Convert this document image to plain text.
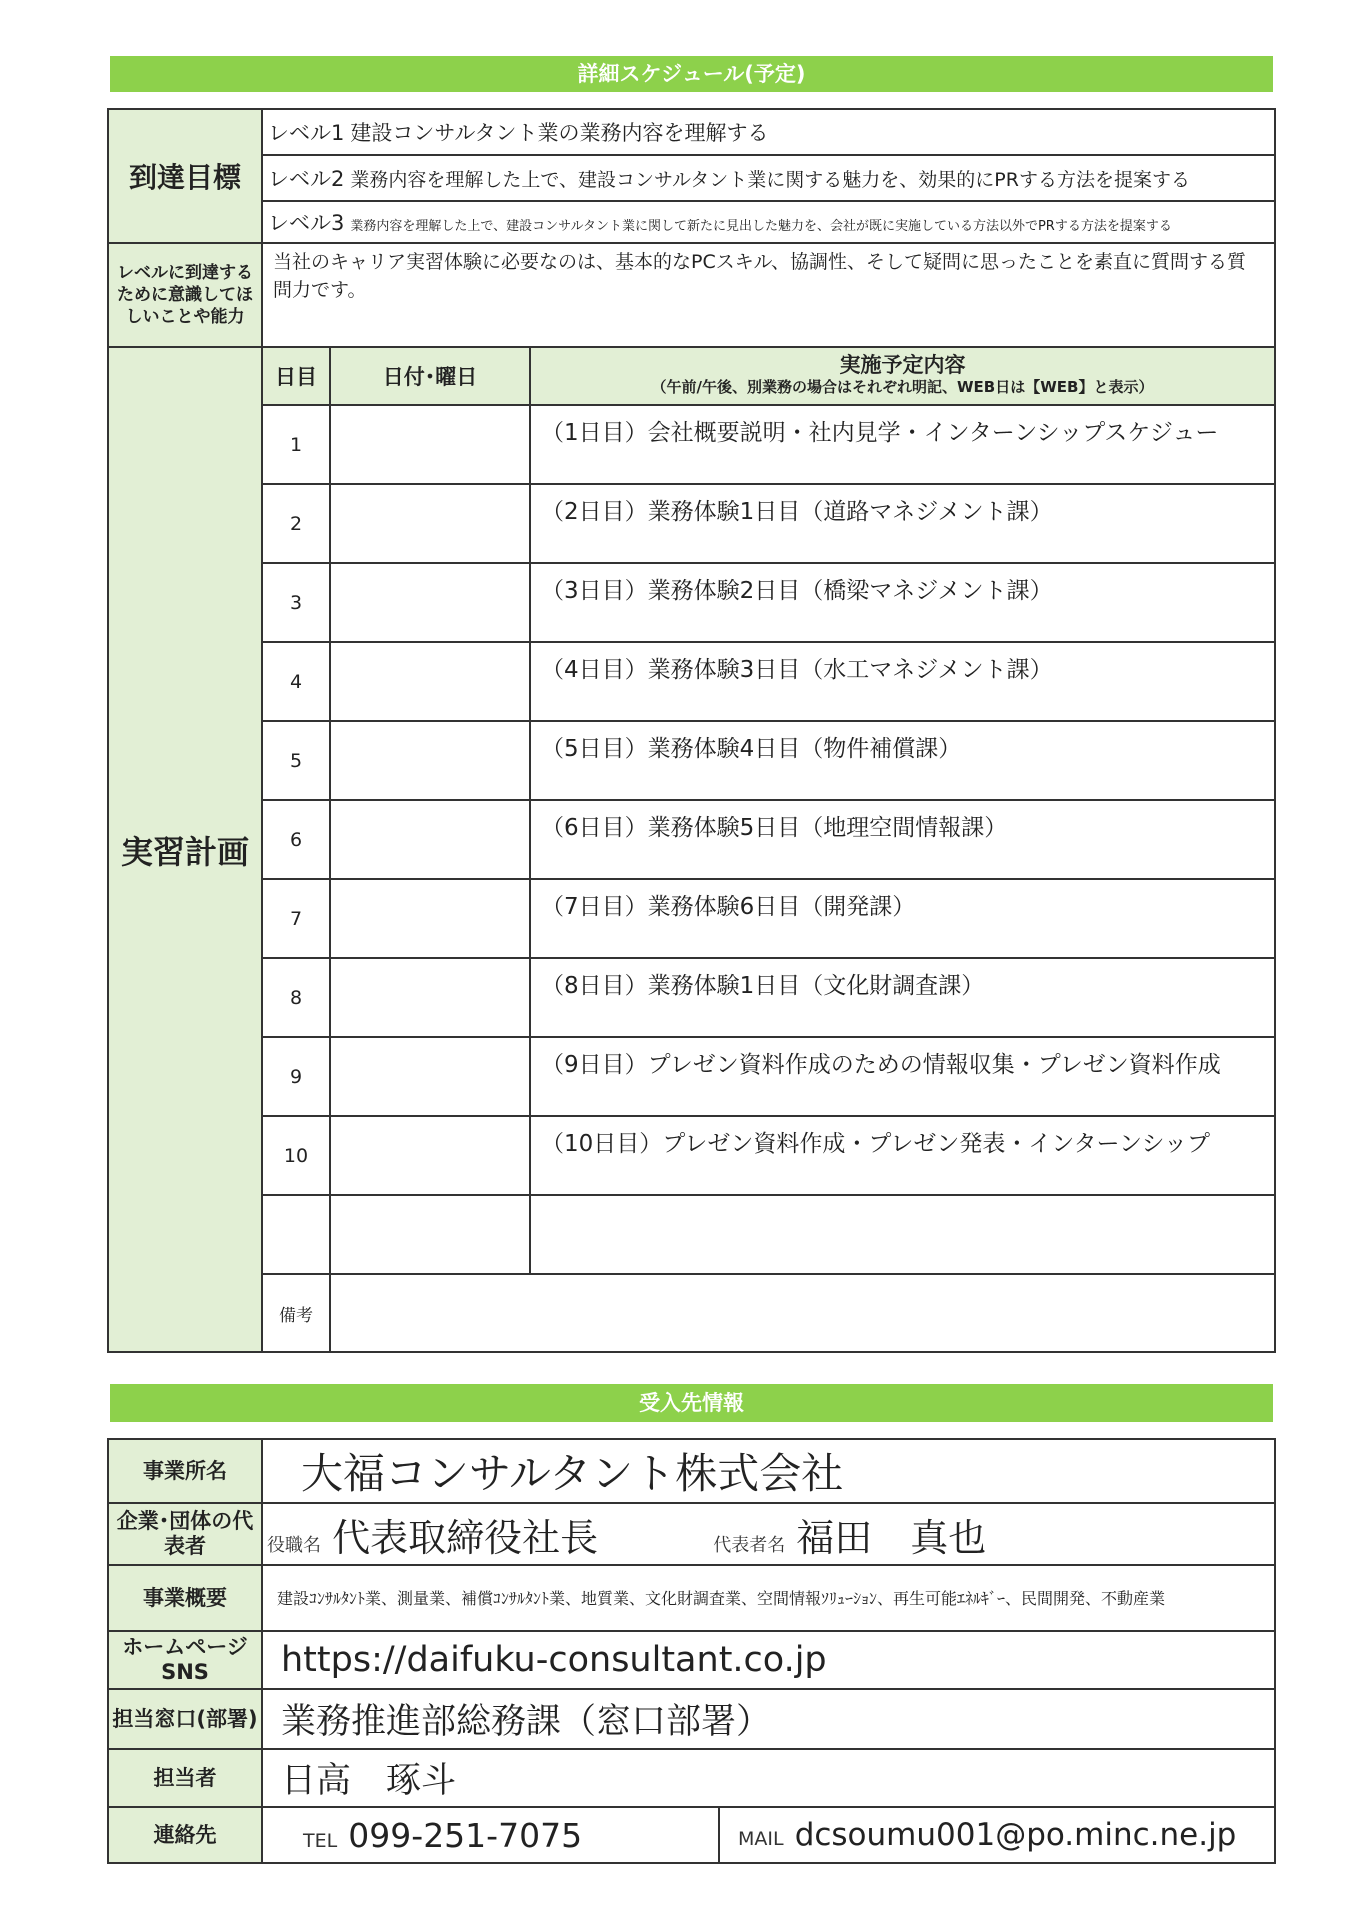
詳細スケジュール(予定)
到達目標	レベル1 建設コンサルタント業の業務内容を理解する		
	レベル2 業務内容を理解した上で、建設コンサルタント業に関する魅力を、効果的にPRする方法を提案する		
	レベル3 業務内容を理解した上で、建設コンサルタント業に関して新たに見出した魅力を、会社が既に実施している方法以外でPRする方法を提案する		
レベルに到達するために意識してほしいことや能力	当社のキャリア実習体験に必要なのは、基本的なPCスキル、協調性、そして疑問に思ったことを素直に質問する質問力です。		
実習計画	日目	日付･曜日	実施予定内容
（午前/午後、別業務の場合はそれぞれ明記、WEB日は【WEB】と表示）

	1		（1日目）会社概要説明・社内見学・インターンシップスケジュー
	2		（2日目）業務体験1日目（道路マネジメント課）
	3		（3日目）業務体験2日目（橋梁マネジメント課）
	4		（4日目）業務体験3日目（水工マネジメント課）
	5		（5日目）業務体験4日目（物件補償課）
	6		（6日目）業務体験5日目（地理空間情報課）
	7		（7日目）業務体験6日目（開発課）
	8		（8日目）業務体験1日目（文化財調査課）
	9		（9日目）プレゼン資料作成のための情報収集・プレゼン資料作成
	10		（10日目）プレゼン資料作成・プレゼン発表・インターンシップ

	備考		
受入先情報
事業所名	大福コンサルタント株式会社	
企業･団体の代表者	役職名 代表取締役社長 代表者名 福田　真也	
事業概要	建設ｺﾝｻﾙﾀﾝﾄ業、測量業、補償ｺﾝｻﾙﾀﾝﾄ業、地質業、文化財調査業、空間情報ｿﾘｭｰｼｮﾝ、再生可能ｴﾈﾙｷﾞｰ、民間開発、不動産業	
ホームページSNS	https://daifuku-consultant.co.jp	
担当窓口(部署)	業務推進部総務課（窓口部署）	
担当者	日高　琢斗	
連絡先	TEL 099-251-7075	MAIL dcsoumu001@po.minc.ne.jp
